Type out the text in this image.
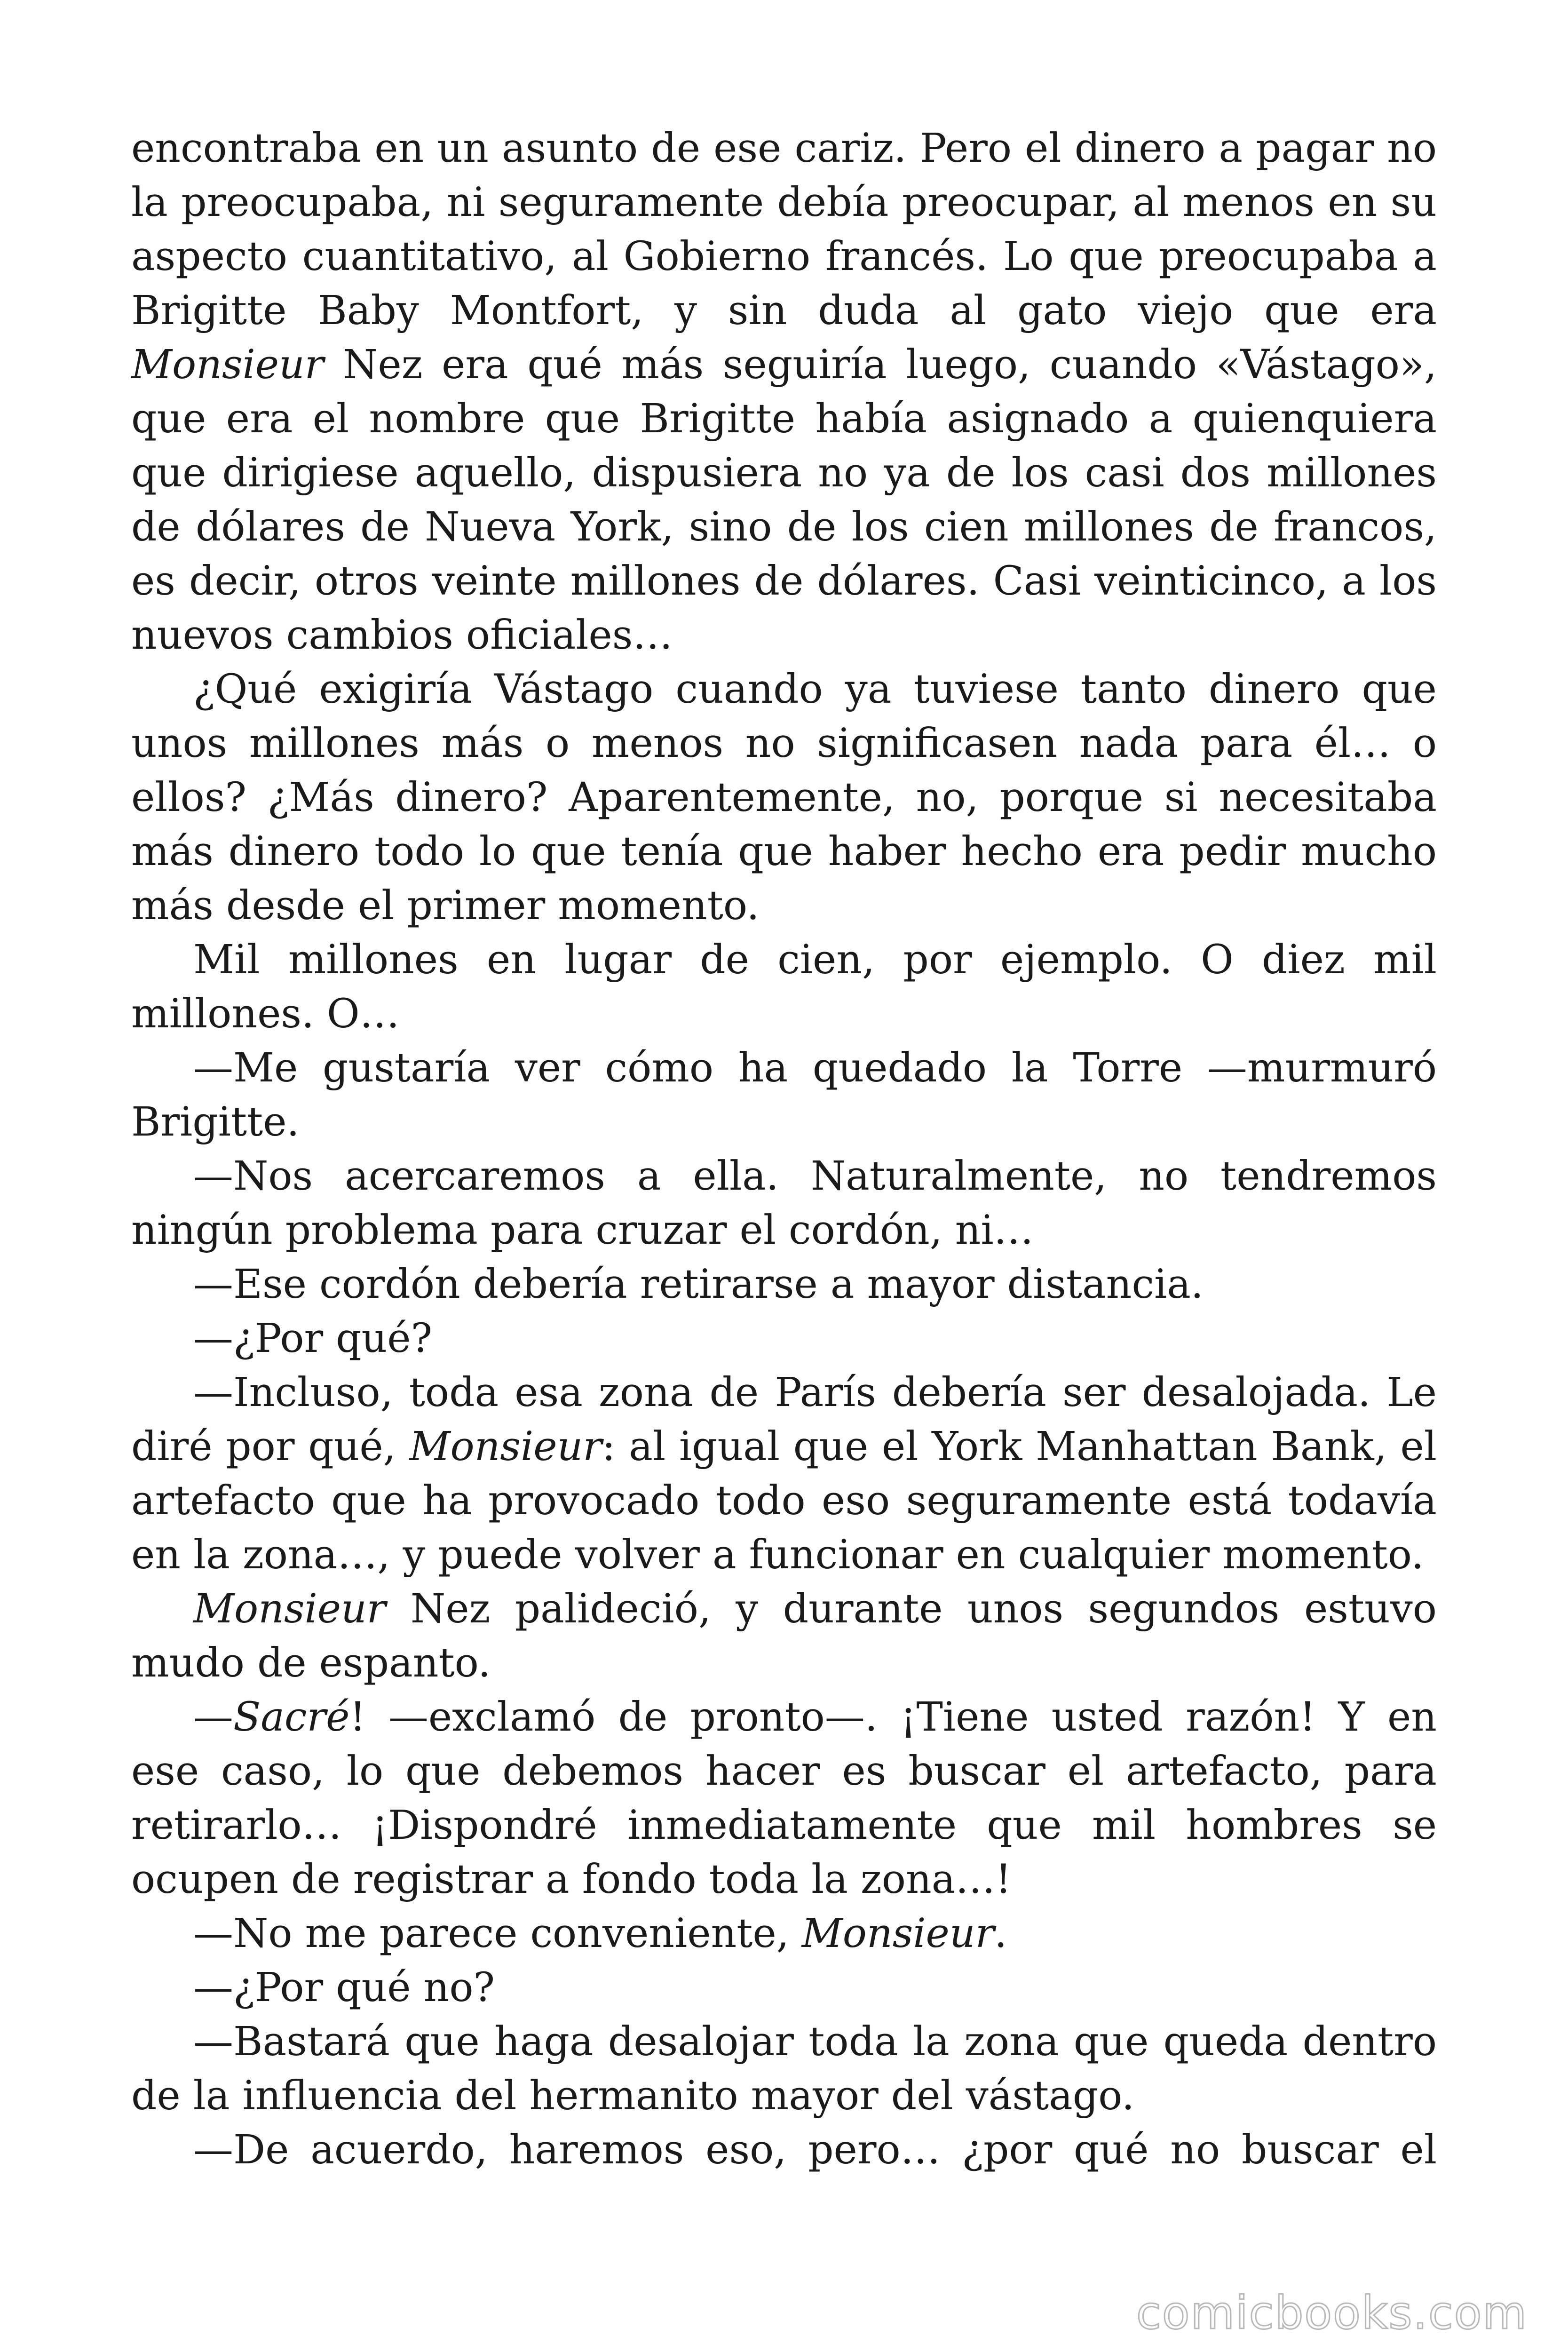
encontraba en un asunto de ese cariz. Pero el dinero a pagar no la preocupaba, ni seguramente debía preocupar, al menos en su aspecto cuantitativo, al Gobierno francés. Lo que preocupaba a Brigitte Baby Montfort, y sin duda al gato viejo que era Monsieur Nez era qué más seguiría luego, cuando «Vástago», que era el nombre que Brigitte había asignado a quienquiera que dirigiese aquello, dispusiera no ya de los casi dos millones de dólares de Nueva York, sino de los cien millones de francos, es decir, otros veinte millones de dólares. Casi veinticinco, a los nuevos cambios oficiales…

¿Qué exigiría Vástago cuando ya tuviese tanto dinero que unos millones más o menos no significasen nada para él… o ellos? ¿Más dinero? Aparentemente, no, porque si necesitaba más dinero todo lo que tenía que haber hecho era pedir mucho más desde el primer momento.

Mil millones en lugar de cien, por ejemplo. O diez mil millones. O…

—Me gustaría ver cómo ha quedado la Torre —murmuró Brigitte.

—Nos acercaremos a ella. Naturalmente, no tendremos ningún problema para cruzar el cordón, ni…

—Ese cordón debería retirarse a mayor distancia.

—¿Por qué?

—Incluso, toda esa zona de París debería ser desalojada. Le diré por qué, Monsieur: al igual que el York Manhattan Bank, el artefacto que ha provocado todo eso seguramente está todavía en la zona…, y puede volver a funcionar en cualquier momento.

Monsieur Nez palideció, y durante unos segundos estuvo mudo de espanto.

—Sacré! —exclamó de pronto—. ¡Tiene usted razón! Y en ese caso, lo que debemos hacer es buscar el artefacto, para retirarlo… ¡Dispondré inmediatamente que mil hombres se ocupen de registrar a fondo toda la zona…!

—No me parece conveniente, Monsieur.

—¿Por qué no?

—Bastará que haga desalojar toda la zona que queda dentro de la influencia del hermanito mayor del vástago.

—De acuerdo, haremos eso, pero… ¿por qué no buscar el

comicbooks.com
